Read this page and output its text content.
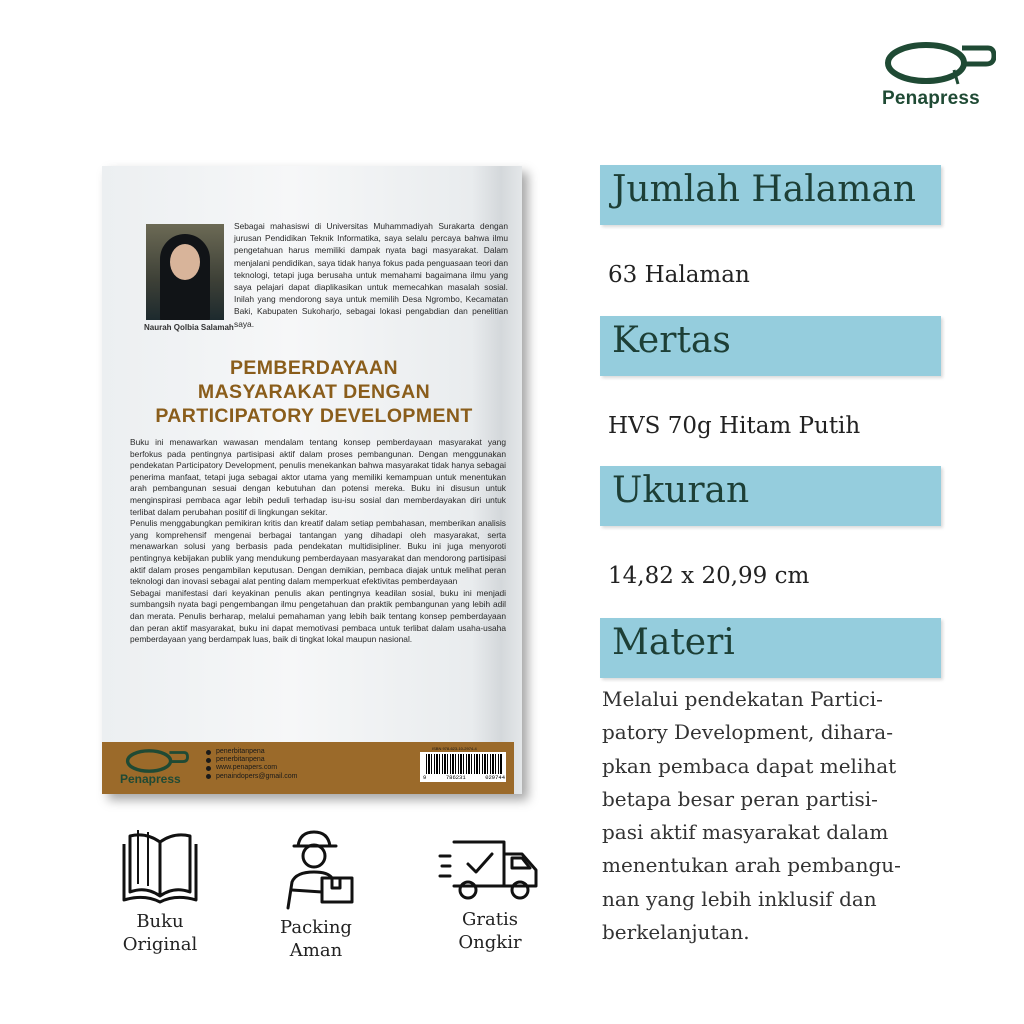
Penapress
Naurah Qolbia Salamah
Sebagai mahasiswi di Universitas Muhammadiyah Surakarta dengan jurusan Pendidikan Teknik Informatika, saya selalu percaya bahwa ilmu pengetahuan harus memiliki dampak nyata bagi masyarakat. Dalam menjalani pendidikan, saya tidak hanya fokus pada penguasaan teori dan teknologi, tetapi juga berusaha untuk memahami bagaimana ilmu yang saya pelajari dapat diaplikasikan untuk memecahkan masalah sosial. Inilah yang mendorong saya untuk memilih Desa Ngrombo, Kecamatan Baki, Kabupaten Sukoharjo, sebagai lokasi pengabdian dan penelitian saya.
PEMBERDAYAAN
MASYARAKAT DENGAN
PARTICIPATORY DEVELOPMENT

Buku ini menawarkan wawasan mendalam tentang konsep pemberdayaan masyarakat yang berfokus pada pentingnya partisipasi aktif dalam proses pembangunan. Dengan menggunakan pendekatan Participatory Development, penulis menekankan bahwa masyarakat tidak hanya sebagai penerima manfaat, tetapi juga sebagai aktor utama yang memiliki kemampuan untuk menentukan arah pembangunan sesuai dengan kebutuhan dan potensi mereka. Buku ini disusun untuk menginspirasi pembaca agar lebih peduli terhadap isu-isu sosial dan memberdayakan diri untuk terlibat dalam perubahan positif di lingkungan sekitar.

Penulis menggabungkan pemikiran kritis dan kreatif dalam setiap pembahasan, memberikan analisis yang komprehensif mengenai berbagai tantangan yang dihadapi oleh masyarakat, serta menawarkan solusi yang berbasis pada pendekatan multidisipliner. Buku ini juga menyoroti pentingnya kebijakan publik yang mendukung pemberdayaan masyarakat dan mendorong partisipasi aktif dalam proses pengambilan keputusan. Dengan demikian, pembaca diajak untuk melihat peran teknologi dan inovasi sebagai alat penting dalam memperkuat efektivitas pemberdayaan

Sebagai manifestasi dari keyakinan penulis akan pentingnya keadilan sosial, buku ini menjadi sumbangsih nyata bagi pengembangan ilmu pengetahuan dan praktik pembangunan yang lebih adil dan merata. Penulis berharap, melalui pemahaman yang lebih baik tentang konsep pemberdayaan dan peran aktif masyarakat, buku ini dapat memotivasi pembaca untuk terlibat dalam usaha-usaha pemberdayaan yang berdampak luas, baik di tingkat lokal maupun nasional.

Penapress
penerbitanpena
penerbitanpena
www.penapers.com
penaindopers@gmail.com
ISBN 978-623-10-2974-4
9	786231	029744
Jumlah Halaman
63 Halaman
Kertas
HVS 70g Hitam Putih
Ukuran
14,82 x 20,99 cm
Materi
Melalui pendekatan Partici-
patory Development, dihara-
pkan pembaca dapat melihat
betapa besar peran partisi-
pasi aktif masyarakat dalam
menentukan arah pembangu-
nan yang lebih inklusif dan
berkelanjutan.
Buku
Original
Packing
Aman
Gratis
Ongkir
